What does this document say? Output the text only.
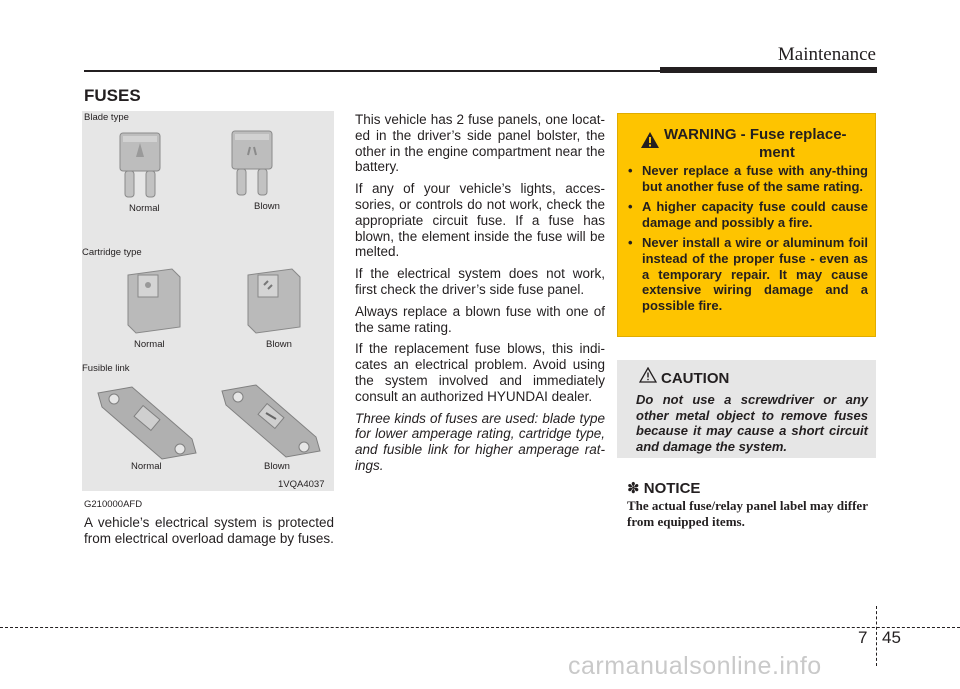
Maintenance
FUSES
Blade type
Normal	Blown
Cartridge type
Normal	Blown
Fusible link
Normal	Blown
1VQA4037
G210000AFD
A vehicle’s electrical system is protected from electrical overload damage by fuses.

This vehicle has 2 fuse panels, one locat-ed in the driver’s side panel bolster, the other in the engine compartment near the battery.

If any of your vehicle’s lights, acces-sories, or controls do not work, check the appropriate circuit fuse. If a fuse has blown, the element inside the fuse will be melted.

If the electrical system does not work, first check the driver’s side fuse panel.

Always replace a blown fuse with one of the same rating.

If the replacement fuse blows, this indi-cates an electrical problem. Avoid using the system involved and immediately consult an authorized HYUNDAI dealer.

Three kinds of fuses are used: blade type for lower amperage rating, cartridge type, and fusible link for higher amperage rat-ings.

WARNING - Fuse replace-
ment
• Never replace a fuse with any-thing but another fuse of the same rating.
• A higher capacity fuse could cause damage and possibly a fire.
• Never install a wire or aluminum foil instead of the proper fuse - even as a temporary repair. It may cause extensive wiring damage and a possible fire.
CAUTION
Do not use a screwdriver or any other metal object to remove fuses because it may cause a short circuit and damage the system.
✽ NOTICE
The actual fuse/relay panel label may differ from equipped items.
7 45
carmanualsonline.info
